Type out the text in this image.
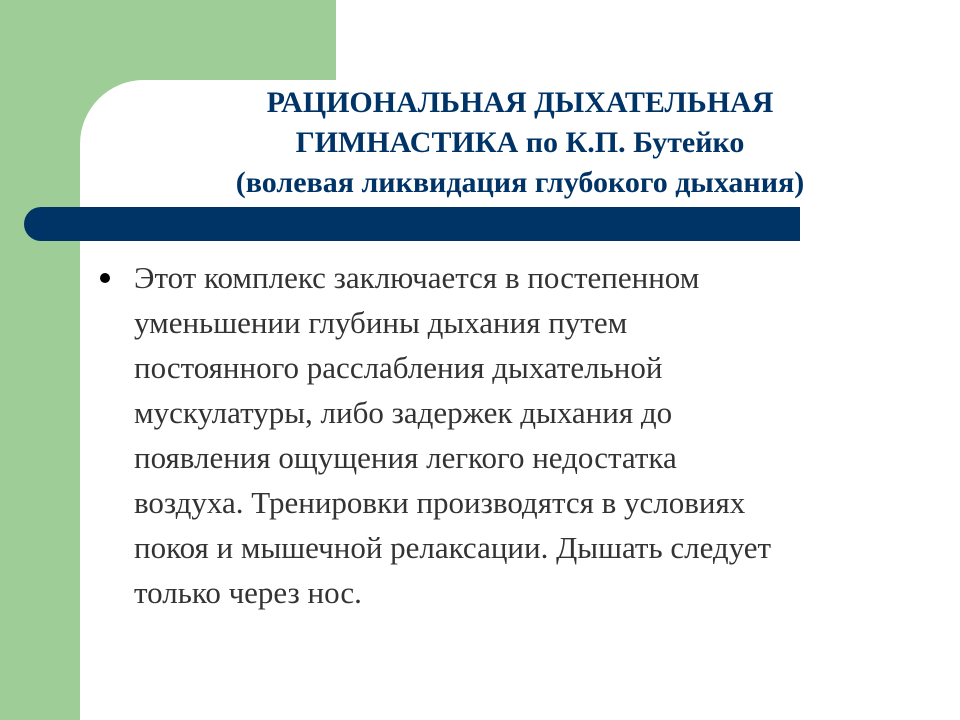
РАЦИОНАЛЬНАЯ ДЫХАТЕЛЬНАЯ
ГИМНАСТИКА по К.П. Бутейко
(волевая ликвидация глубокого дыхания)
Этот комплекс заключается в постепенном
уменьшении глубины дыхания путем
постоянного расслабления дыхательной
мускулатуры, либо задержек дыхания до
появления ощущения легкого недостатка
воздуха. Тренировки производятся в условиях
покоя и мышечной релаксации. Дышать следует
только через нос.
